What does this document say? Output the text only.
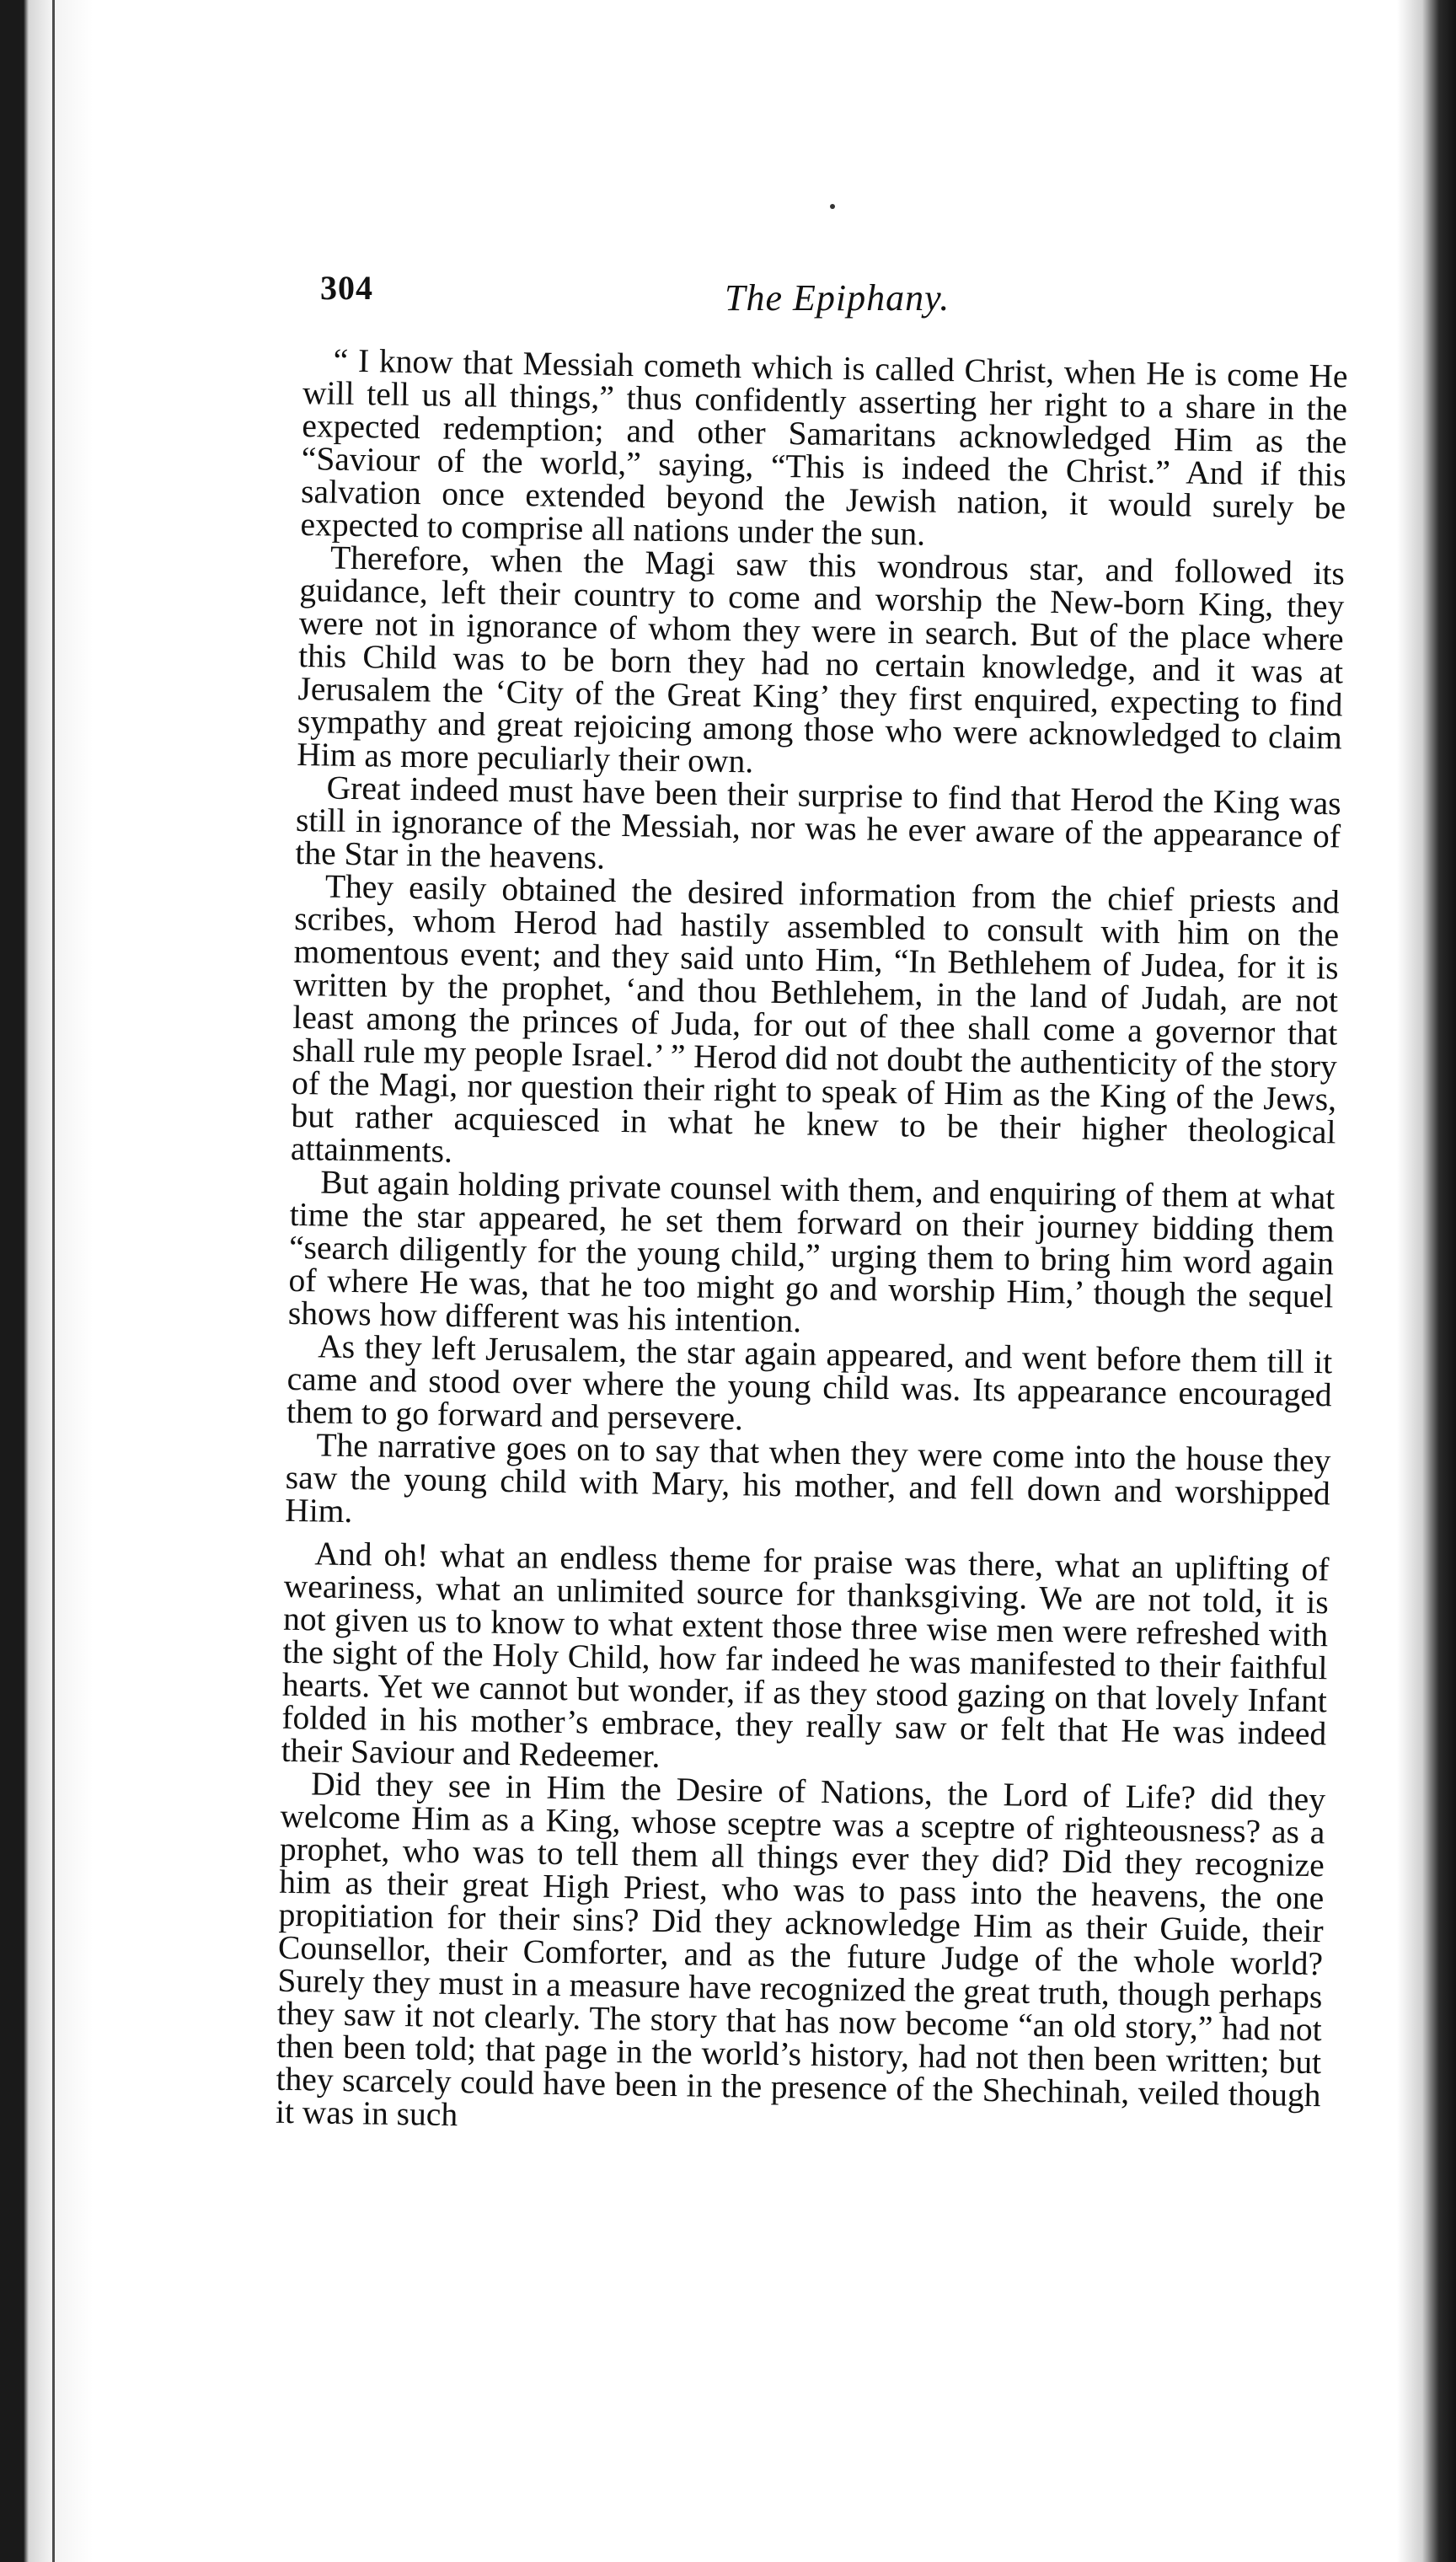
304	The Epiphany.

“ I know that Messiah cometh which is called Christ, when He is come He will tell us all things,” thus confidently asserting her right to a share in the expected redemption; and other Samaritans acknowledged Him as the “Saviour of the world,” saying, “This is indeed the Christ.” And if this salvation once extended beyond the Jewish nation, it would surely be expected to comprise all nations under the sun.

Therefore, when the Magi saw this wondrous star, and followed its guidance, left their country to come and worship the New-born King, they were not in ignorance of whom they were in search. But of the place where this Child was to be born they had no certain knowledge, and it was at Jerusalem the ‘City of the Great King’ they first enquired, expecting to find sympathy and great rejoicing among those who were acknowledged to claim Him as more peculiarly their own.

Great indeed must have been their surprise to find that Herod the King was still in ignorance of the Messiah, nor was he ever aware of the appearance of the Star in the heavens.

They easily obtained the desired information from the chief priests and scribes, whom Herod had hastily assembled to consult with him on the momentous event; and they said unto Him, “In Bethlehem of Judea, for it is written by the prophet, ‘and thou Bethlehem, in the land of Judah, are not least among the princes of Juda, for out of thee shall come a governor that shall rule my people Israel.’ ” Herod did not doubt the authenticity of the story of the Magi, nor question their right to speak of Him as the King of the Jews, but rather acquiesced in what he knew to be their higher theological attainments.

But again holding private counsel with them, and enquiring of them at what time the star appeared, he set them forward on their journey bidding them “search diligently for the young child,” urging them to bring him word again of where He was, that he too might go and worship Him,’ though the sequel shows how different was his intention.

As they left Jerusalem, the star again appeared, and went before them till it came and stood over where the young child was. Its appearance encouraged them to go forward and persevere.

The narrative goes on to say that when they were come into the house they saw the young child with Mary, his mother, and fell down and worshipped Him.

And oh! what an endless theme for praise was there, what an uplifting of weariness, what an unlimited source for thanksgiving. We are not told, it is not given us to know to what extent those three wise men were refreshed with the sight of the Holy Child, how far indeed he was manifested to their faithful hearts. Yet we cannot but wonder, if as they stood gazing on that lovely Infant folded in his mother’s embrace, they really saw or felt that He was indeed their Saviour and Redeemer.

Did they see in Him the Desire of Nations, the Lord of Life? did they welcome Him as a King, whose sceptre was a sceptre of righteousness? as a prophet, who was to tell them all things ever they did? Did they recognize him as their great High Priest, who was to pass into the heavens, the one propitiation for their sins? Did they acknowledge Him as their Guide, their Counsellor, their Comforter, and as the future Judge of the whole world? Surely they must in a measure have recognized the great truth, though perhaps they saw it not clearly. The story that has now become “an old story,” had not then been told; that page in the world’s history, had not then been written; but they scarcely could have been in the presence of the Shechinah, veiled though it was in such
